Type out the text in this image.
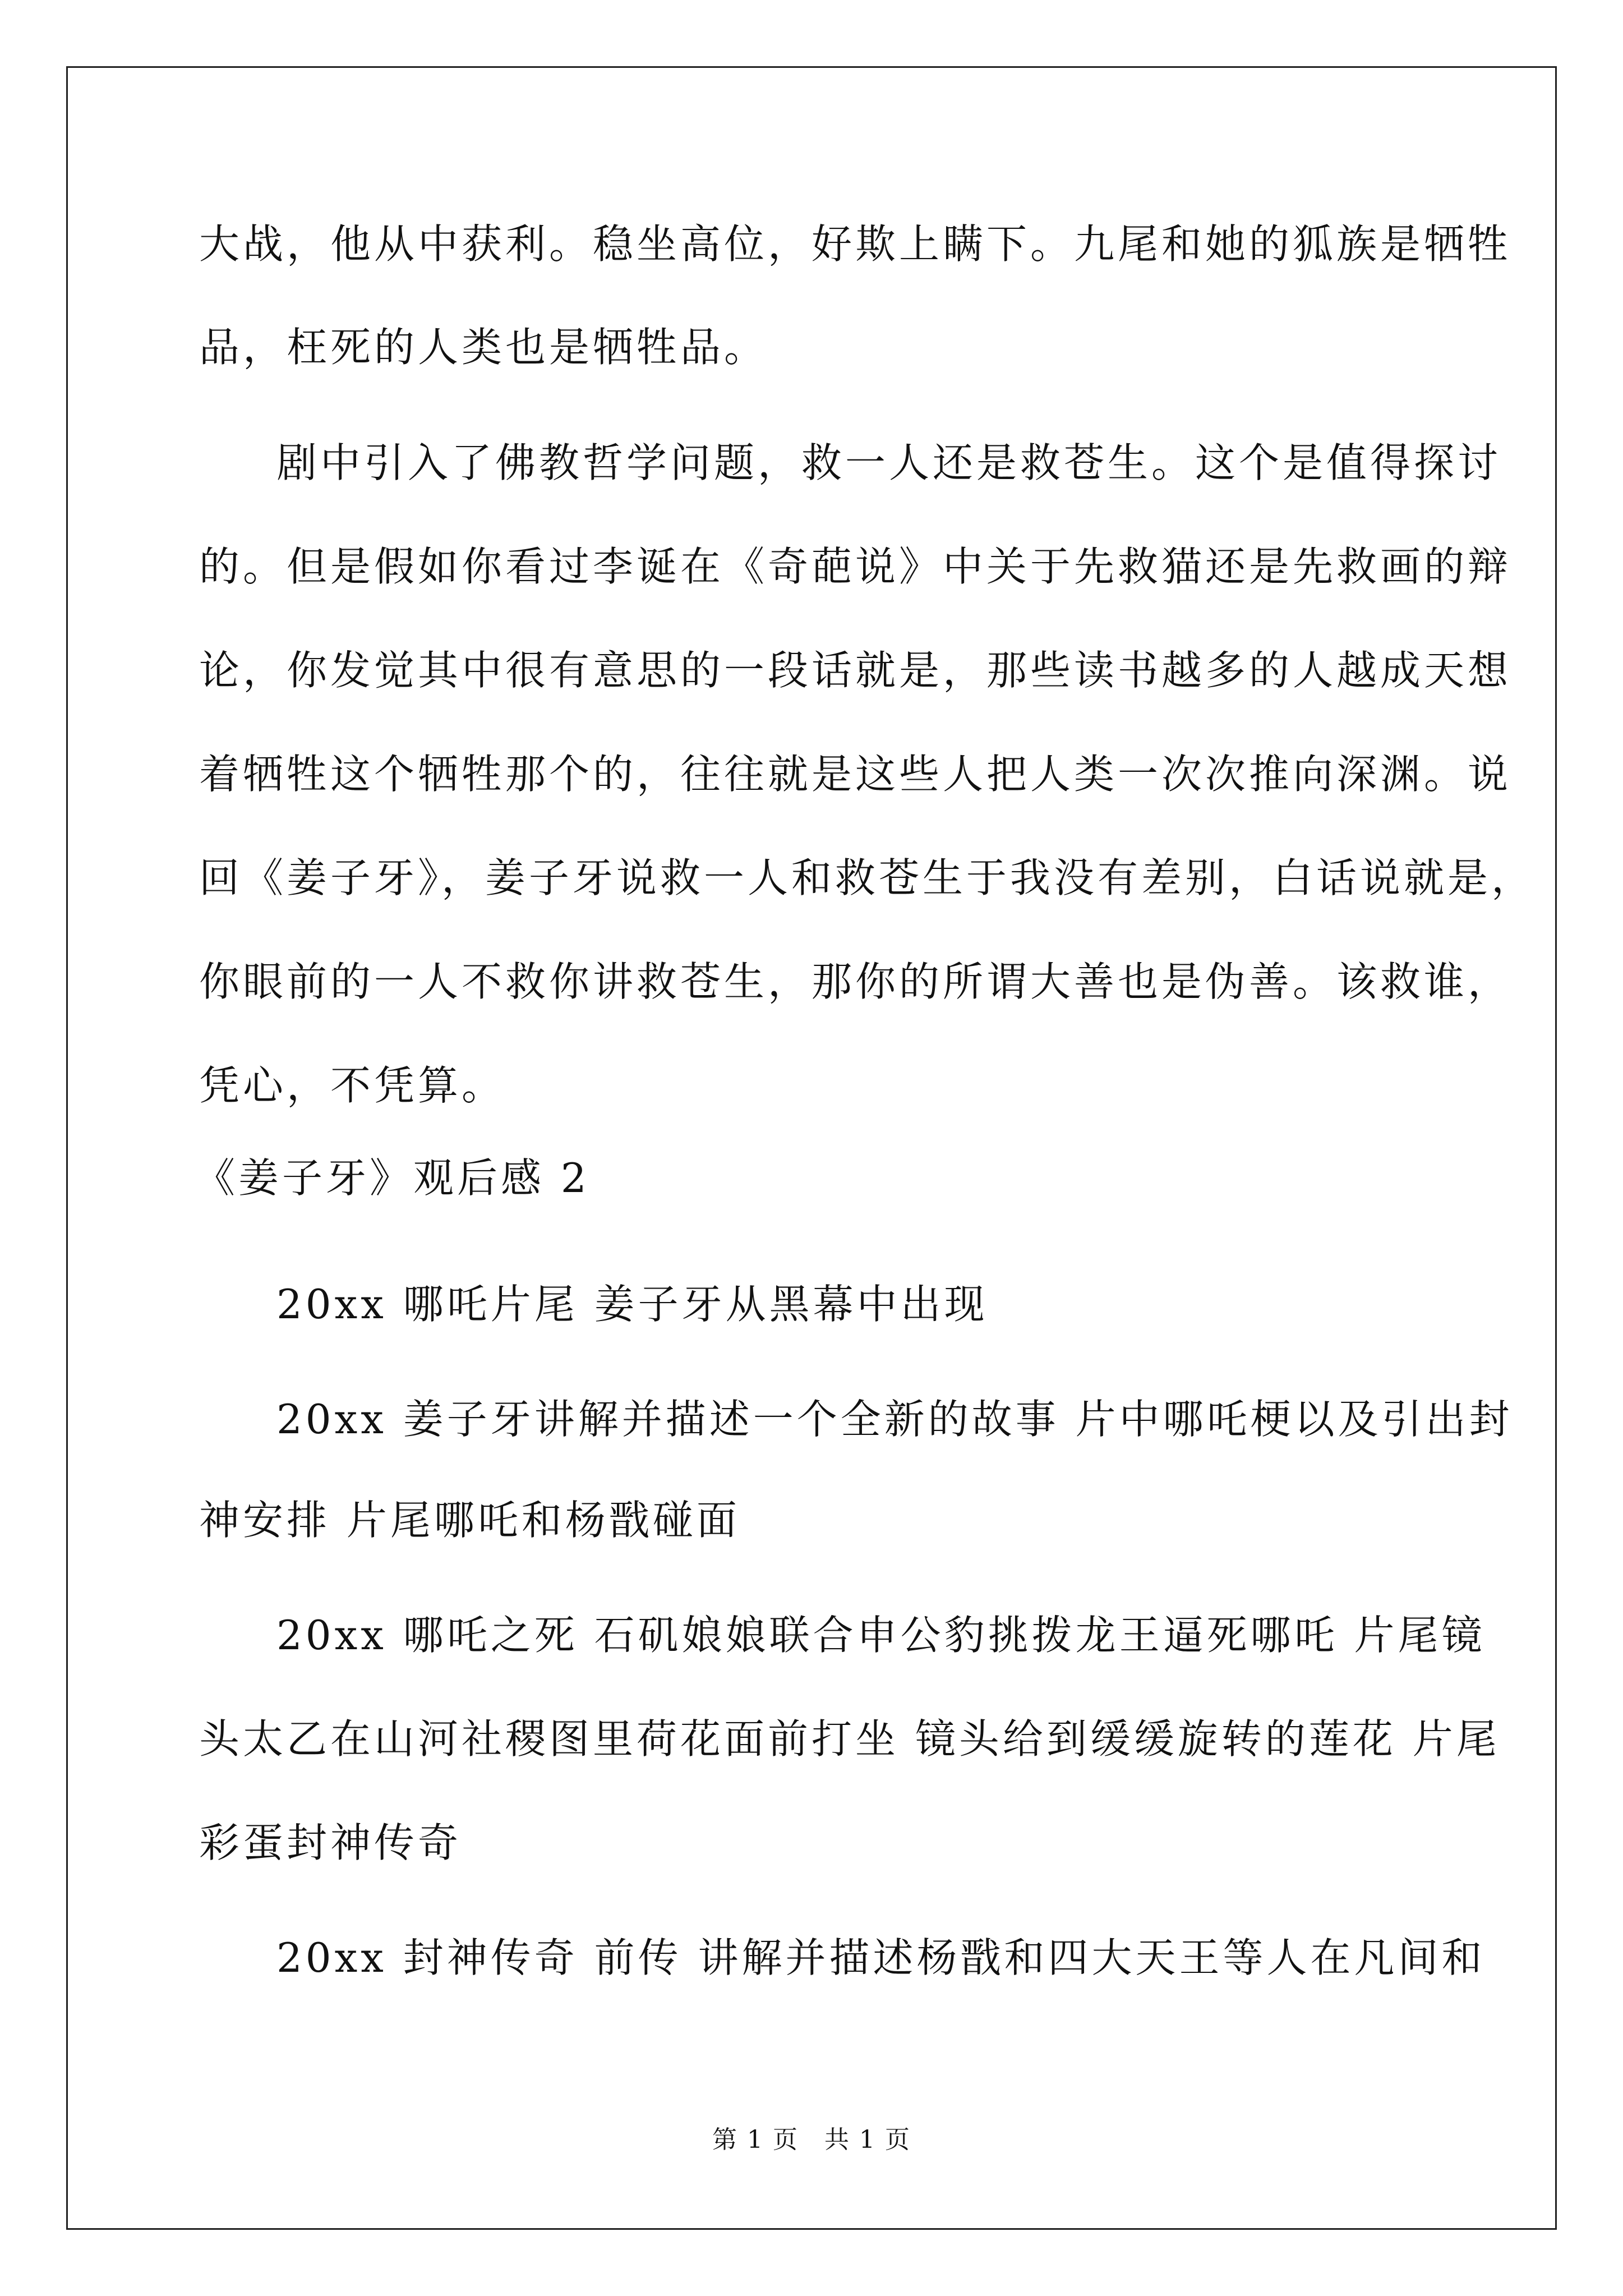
大战，他从中获利。稳坐高位，好欺上瞒下。九尾和她的狐族是牺牲
品，枉死的人类也是牺牲品。
剧中引入了佛教哲学问题，救一人还是救苍生。这个是值得探讨
的。但是假如你看过李诞在《奇葩说》中关于先救猫还是先救画的辩
论，你发觉其中很有意思的一段话就是，那些读书越多的人越成天想
着牺牲这个牺牲那个的，往往就是这些人把人类一次次推向深渊。说
回《姜子牙》，姜子牙说救一人和救苍生于我没有差别，白话说就是，
你眼前的一人不救你讲救苍生，那你的所谓大善也是伪善。该救谁，
凭心，不凭算。
《姜子牙》观后感 2
20xx 哪吒片尾 姜子牙从黑幕中出现
20xx 姜子牙讲解并描述一个全新的故事 片中哪吒梗以及引出封
神安排 片尾哪吒和杨戬碰面
20xx 哪吒之死 石矶娘娘联合申公豹挑拨龙王逼死哪吒 片尾镜
头太乙在山河社稷图里荷花面前打坐 镜头给到缓缓旋转的莲花 片尾
彩蛋封神传奇
20xx 封神传奇 前传 讲解并描述杨戬和四大天王等人在凡间和
第 1 页　共 1 页
